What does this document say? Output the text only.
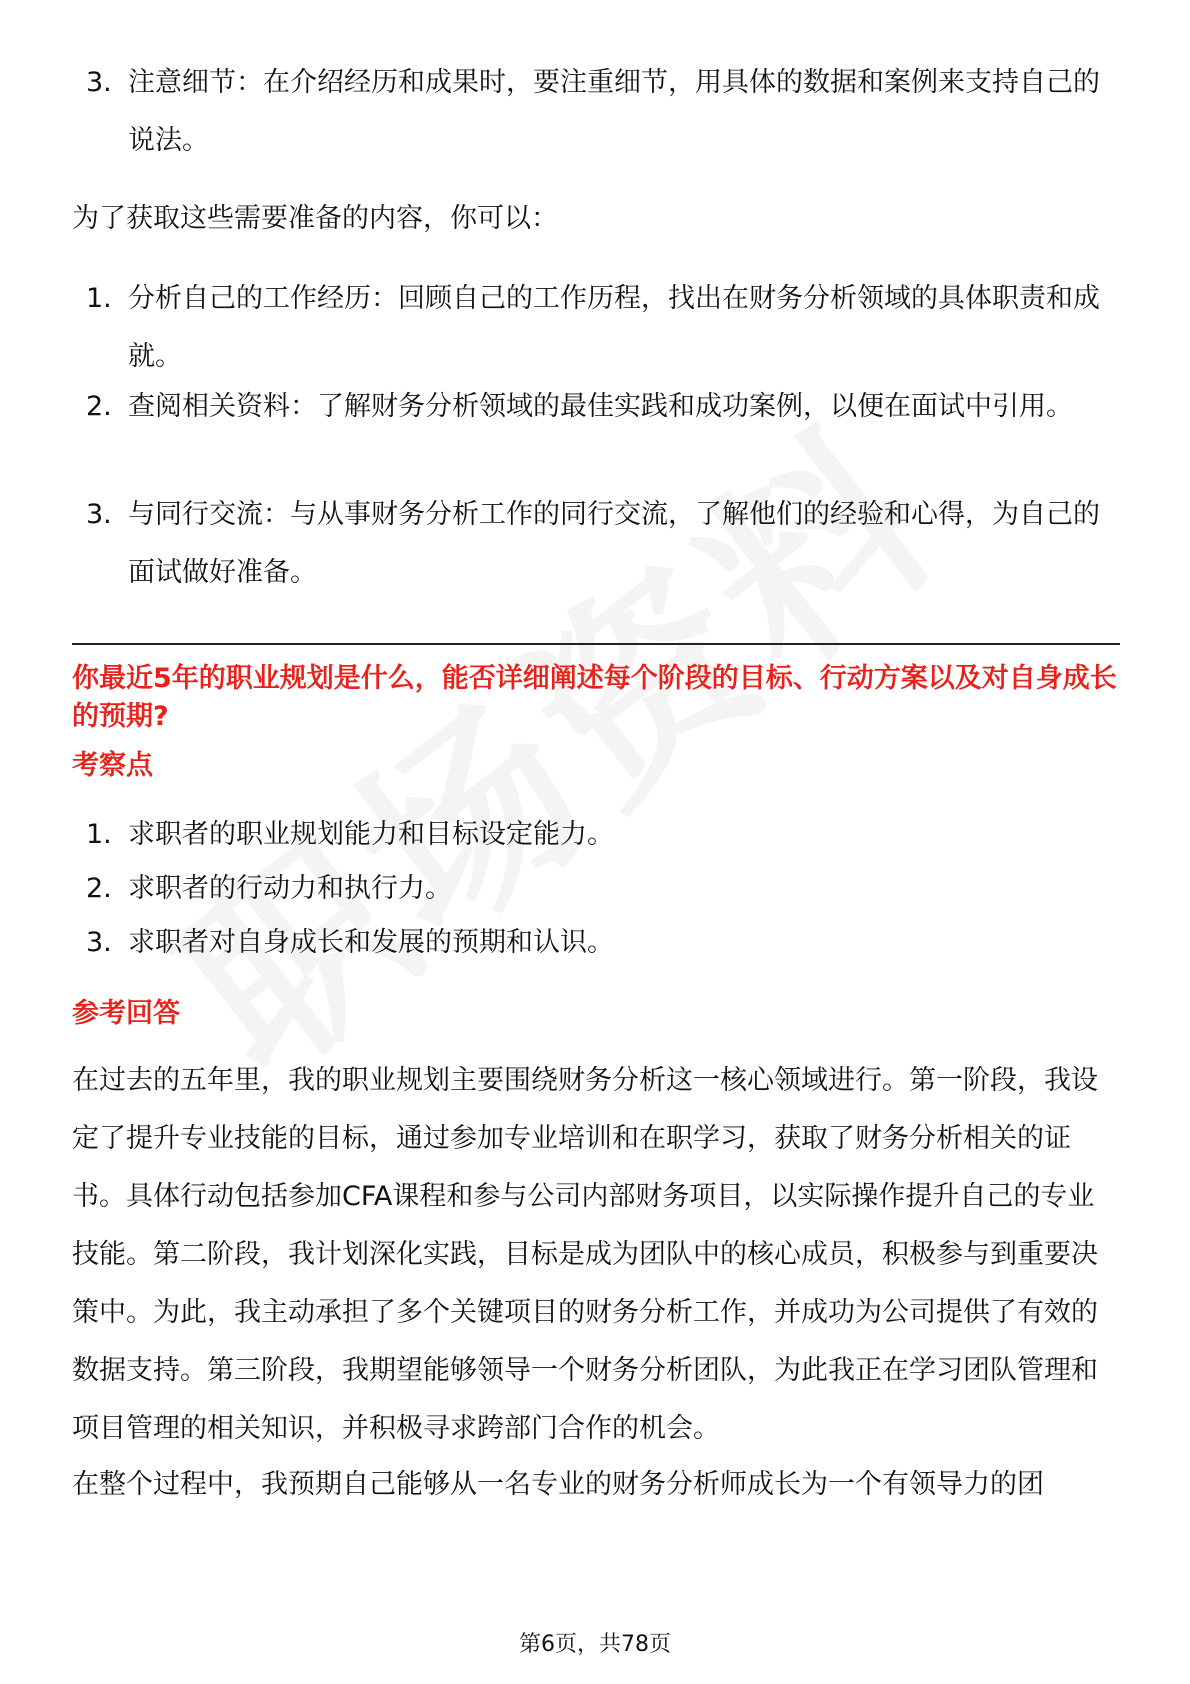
3. 注意细节：在介绍经历和成果时，要注重细节，用具体的数据和案例来支持自己的说法。
为了获取这些需要准备的内容，你可以：
1. 分析自己的工作经历：回顾自己的工作历程，找出在财务分析领域的具体职责和成就。
2. 查阅相关资料：了解财务分析领域的最佳实践和成功案例，以便在面试中引用。
3. 与同行交流：与从事财务分析工作的同行交流，了解他们的经验和心得，为自己的面试做好准备。
你最近5年的职业规划是什么，能否详细阐述每个阶段的目标、行动方案以及对自身成长的预期?
考察点
1. 求职者的职业规划能力和目标设定能力。
2. 求职者的行动力和执行力。
3. 求职者对自身成长和发展的预期和认识。
参考回答
在过去的五年里，我的职业规划主要围绕财务分析这一核心领域进行。第一阶段，我设定了提升专业技能的目标，通过参加专业培训和在职学习，获取了财务分析相关的证书。具体行动包括参加CFA课程和参与公司内部财务项目，以实际操作提升自己的专业技能。第二阶段，我计划深化实践，目标是成为团队中的核心成员，积极参与到重要决策中。为此，我主动承担了多个关键项目的财务分析工作，并成功为公司提供了有效的数据支持。第三阶段，我期望能够领导一个财务分析团队，为此我正在学习团队管理和项目管理的相关知识，并积极寻求跨部门合作的机会。
在整个过程中，我预期自己能够从一名专业的财务分析师成长为一个有领导力的团
第6页，共78页
